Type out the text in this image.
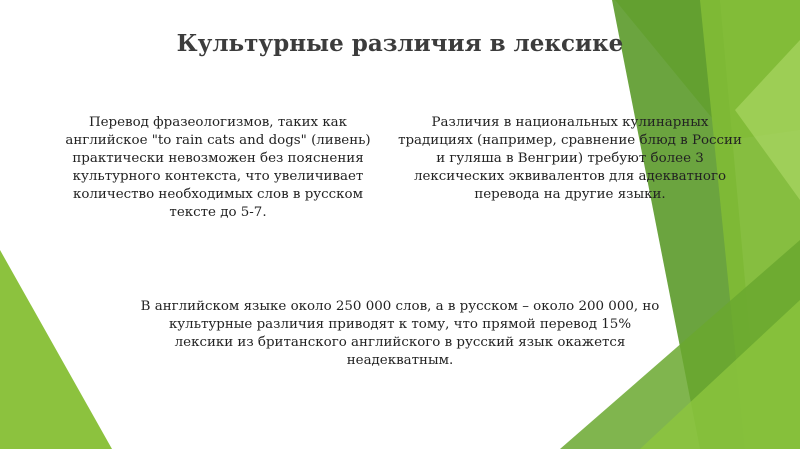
Культурные различия в лексике

Перевод фразеологизмов, таких как английское "to rain cats and dogs" (ливень) практически невозможен без пояснения культурного контекста, что увеличивает количество необходимых слов в русском тексте до 5-7.

Различия в национальных кулинарных традициях (например, сравнение блюд в России и гуляша в Венгрии) требуют более 3 лексических эквивалентов для адекватного перевода на другие языки.

В английском языке около 250 000 слов, а в русском – около 200 000, но культурные различия приводят к тому, что прямой перевод 15% лексики из британского английского в русский язык окажется неадекватным.
